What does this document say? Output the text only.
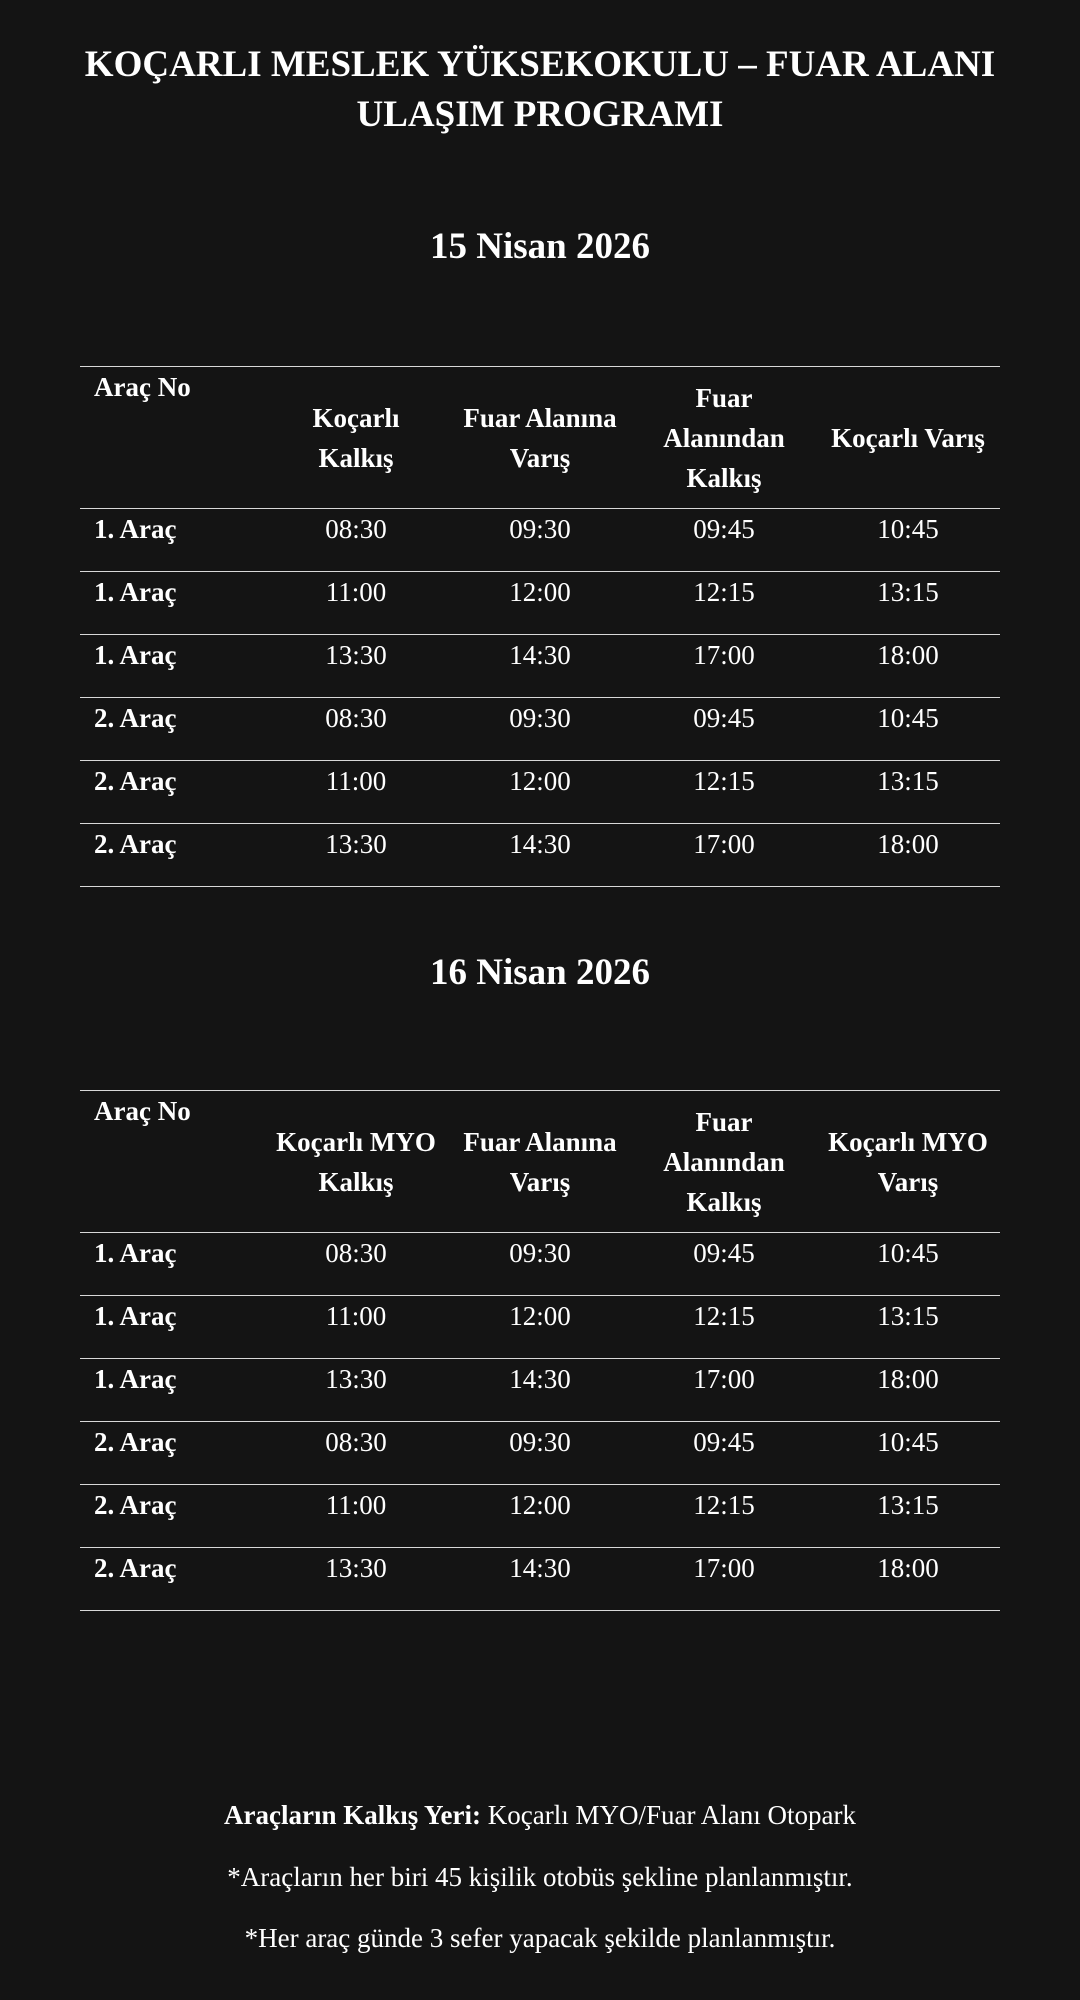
KOÇARLI MESLEK YÜKSEKOKULU – FUAR ALANI
ULAŞIM PROGRAMI
15 Nisan 2026
Araç No	Koçarlı Kalkış	Fuar Alanına Varış	Fuar Alanından Kalkış	Koçarlı Varış
1. Araç	08:30	09:30	09:45	10:45
1. Araç	11:00	12:00	12:15	13:15
1. Araç	13:30	14:30	17:00	18:00
2. Araç	08:30	09:30	09:45	10:45
2. Araç	11:00	12:00	12:15	13:15
2. Araç	13:30	14:30	17:00	18:00
16 Nisan 2026
Araç No	Koçarlı MYO Kalkış	Fuar Alanına Varış	Fuar Alanından Kalkış	Koçarlı MYO Varış
1. Araç	08:30	09:30	09:45	10:45
1. Araç	11:00	12:00	12:15	13:15
1. Araç	13:30	14:30	17:00	18:00
2. Araç	08:30	09:30	09:45	10:45
2. Araç	11:00	12:00	12:15	13:15
2. Araç	13:30	14:30	17:00	18:00
Araçların Kalkış Yeri: Koçarlı MYO/Fuar Alanı Otopark
*Araçların her biri 45 kişilik otobüs şekline planlanmıştır.
*Her araç günde 3 sefer yapacak şekilde planlanmıştır.
